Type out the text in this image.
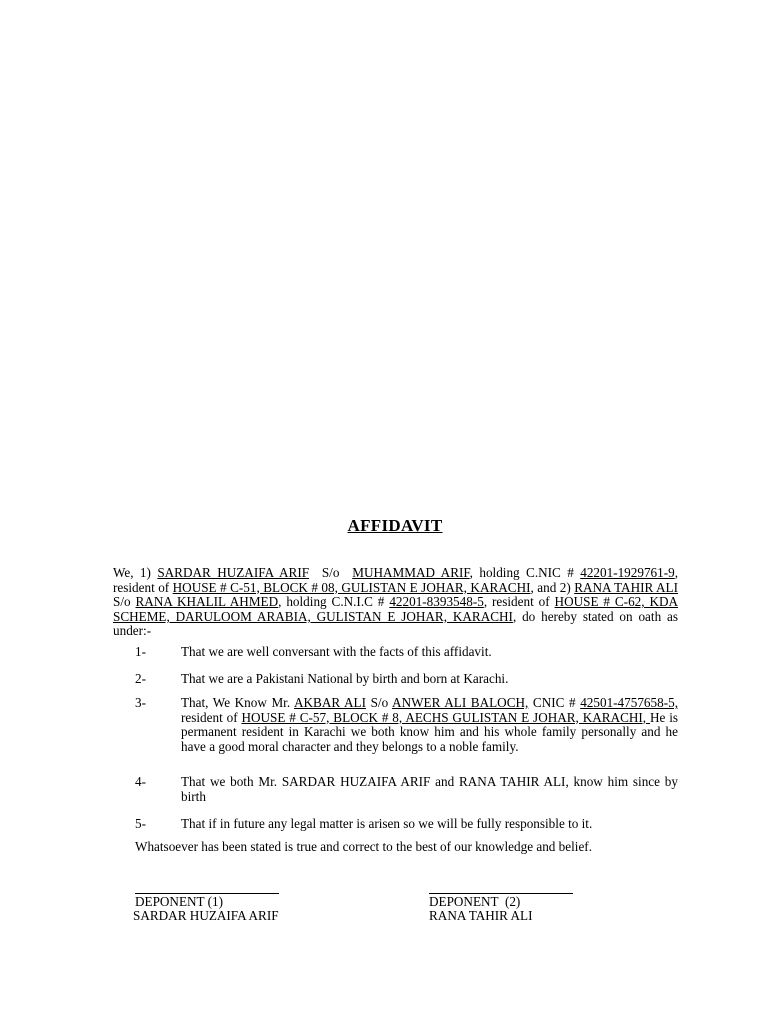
AFFIDAVIT
We, 1) SARDAR HUZAIFA ARIF  S/o  MUHAMMAD ARIF, holding C.NIC # 42201-1929761-9, resident of HOUSE # C-51, BLOCK # 08, GULISTAN E JOHAR, KARACHI, and 2) RANA TAHIR ALI S/o RANA KHALIL AHMED, holding C.N.I.C # 42201-8393548-5, resident of HOUSE # C-62, KDA SCHEME, DARULOOM ARABIA, GULISTAN E JOHAR, KARACHI, do hereby stated on oath as under:-
1-	That we are well conversant with the facts of this affidavit.
2-	That we are a Pakistani National by birth and born at Karachi.
3-	That, We Know Mr. AKBAR ALI S/o ANWER ALI BALOCH, CNIC # 42501-4757658-5, resident of HOUSE # C-57, BLOCK # 8, AECHS GULISTAN E JOHAR, KARACHI, He is permanent resident in Karachi we both know him and his whole family personally and he have a good moral character and they belongs to a noble family.
4-	That we both Mr. SARDAR HUZAIFA ARIF and RANA TAHIR ALI, know him since by birth
5-	That if in future any legal matter is arisen so we will be fully responsible to it.
Whatsoever has been stated is true and correct to the best of our knowledge and belief.
DEPONENT (1)
SARDAR HUZAIFA ARIF
DEPONENT  (2)
RANA TAHIR ALI
